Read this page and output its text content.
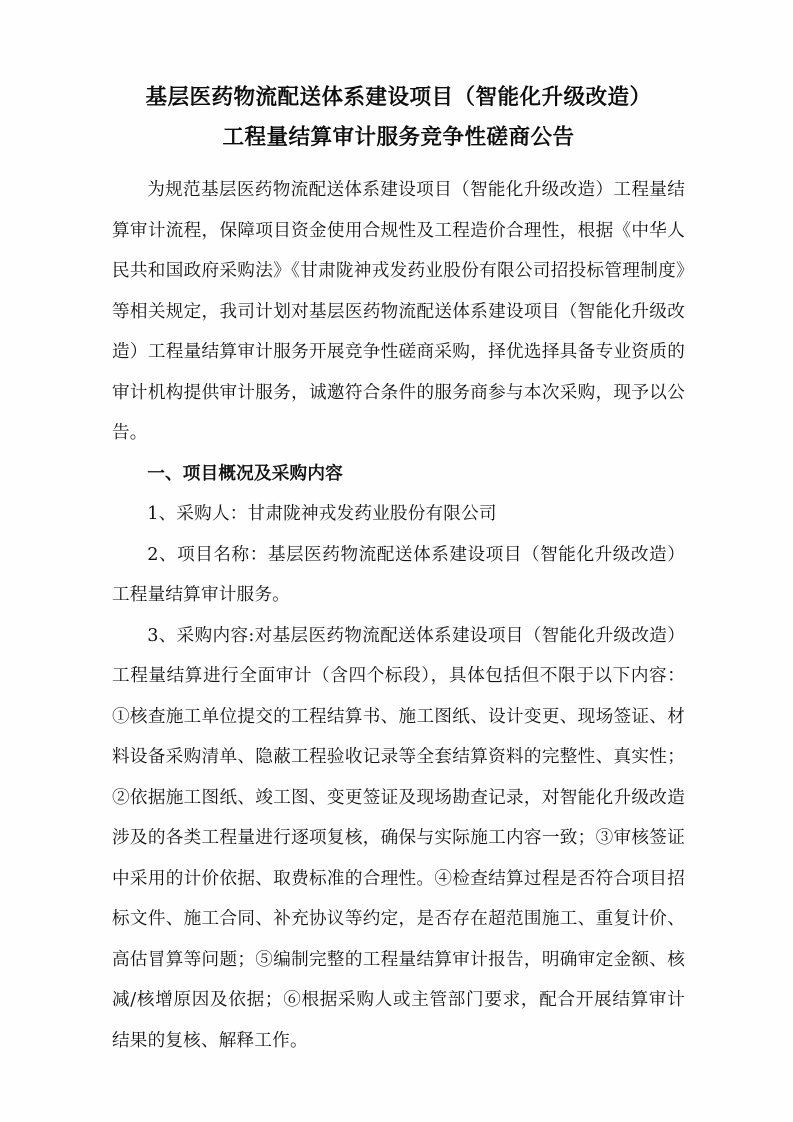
基层医药物流配送体系建设项目（智能化升级改造）
工程量结算审计服务竞争性磋商公告

为规范基层医药物流配送体系建设项目（智能化升级改造）工程量结算审计流程，保障项目资金使用合规性及工程造价合理性，根据《中华人民共和国政府采购法》《甘肃陇神戎发药业股份有限公司招投标管理制度》等相关规定，我司计划对基层医药物流配送体系建设项目（智能化升级改造）工程量结算审计服务开展竞争性磋商采购，择优选择具备专业资质的审计机构提供审计服务，诚邀符合条件的服务商参与本次采购，现予以公告。

一、项目概况及采购内容

1、采购人：甘肃陇神戎发药业股份有限公司

2、项目名称：基层医药物流配送体系建设项目（智能化升级改造）工程量结算审计服务。

3、采购内容:对基层医药物流配送体系建设项目（智能化升级改造）工程量结算进行全面审计（含四个标段），具体包括但不限于以下内容：①核查施工单位提交的工程结算书、施工图纸、设计变更、现场签证、材料设备采购清单、隐蔽工程验收记录等全套结算资料的完整性、真实性；②依据施工图纸、竣工图、变更签证及现场勘查记录，对智能化升级改造涉及的各类工程量进行逐项复核，确保与实际施工内容一致；③审核签证中采用的计价依据、取费标准的合理性。④检查结算过程是否符合项目招标文件、施工合同、补充协议等约定，是否存在超范围施工、重复计价、高估冒算等问题；⑤编制完整的工程量结算审计报告，明确审定金额、核减/核增原因及依据；⑥根据采购人或主管部门要求，配合开展结算审计结果的复核、解释工作。
